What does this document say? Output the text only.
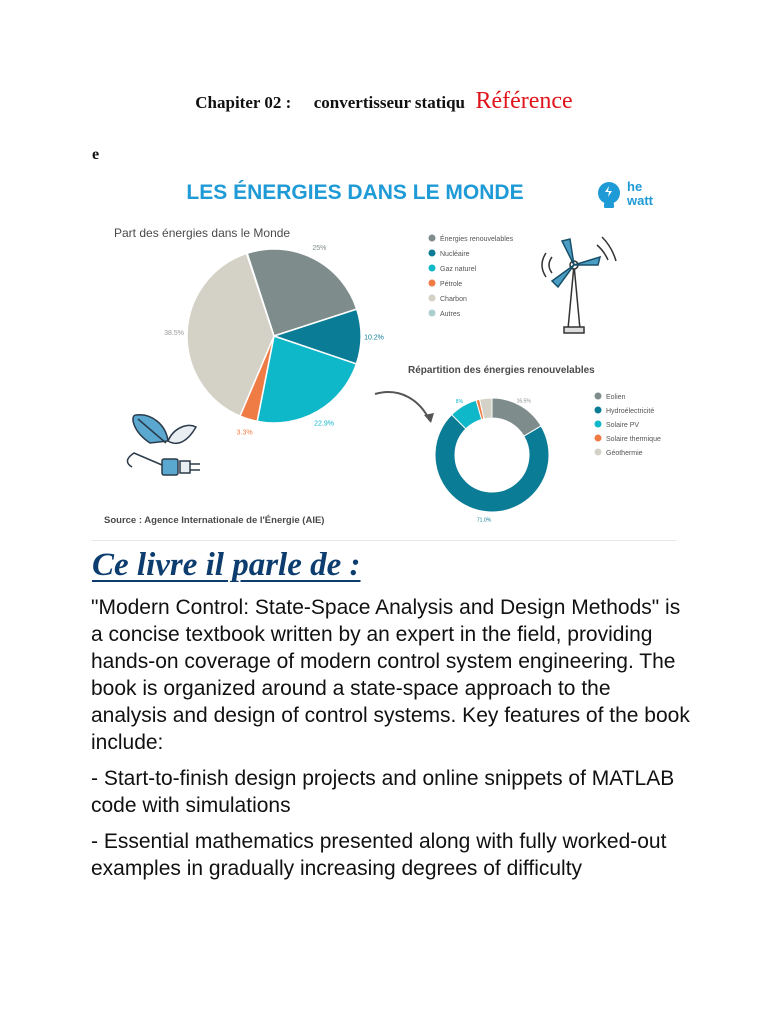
Chapiter 02 : convertisseur statiqu Référence
e
LES ÉNERGIES DANS LE MONDE	he
watt
Part des énergies dans le Monde
25%
10.2%
22.9%
3.3%
38.5%
Énergies renouvelables
Nucléaire
Gaz naturel
Pétrole
Charbon
Autres
Répartition des énergies renouvelables
16.5%
71.0%
8%
Eolien
Hydroélectricité
Solaire PV
Solaire thermique
Géothermie
Source : Agence Internationale de l'Énergie (AIE)
Ce livre il parle de :

"Modern Control: State-Space Analysis and Design Methods" is a concise textbook written by an expert in the field, providing hands-on coverage of modern control system engineering. The book is organized around a state-space approach to the analysis and design of control systems. Key features of the book include:

- Start-to-finish design projects and online snippets of MATLAB code with simulations

- Essential mathematics presented along with fully worked-out examples in gradually increasing degrees of difficulty
